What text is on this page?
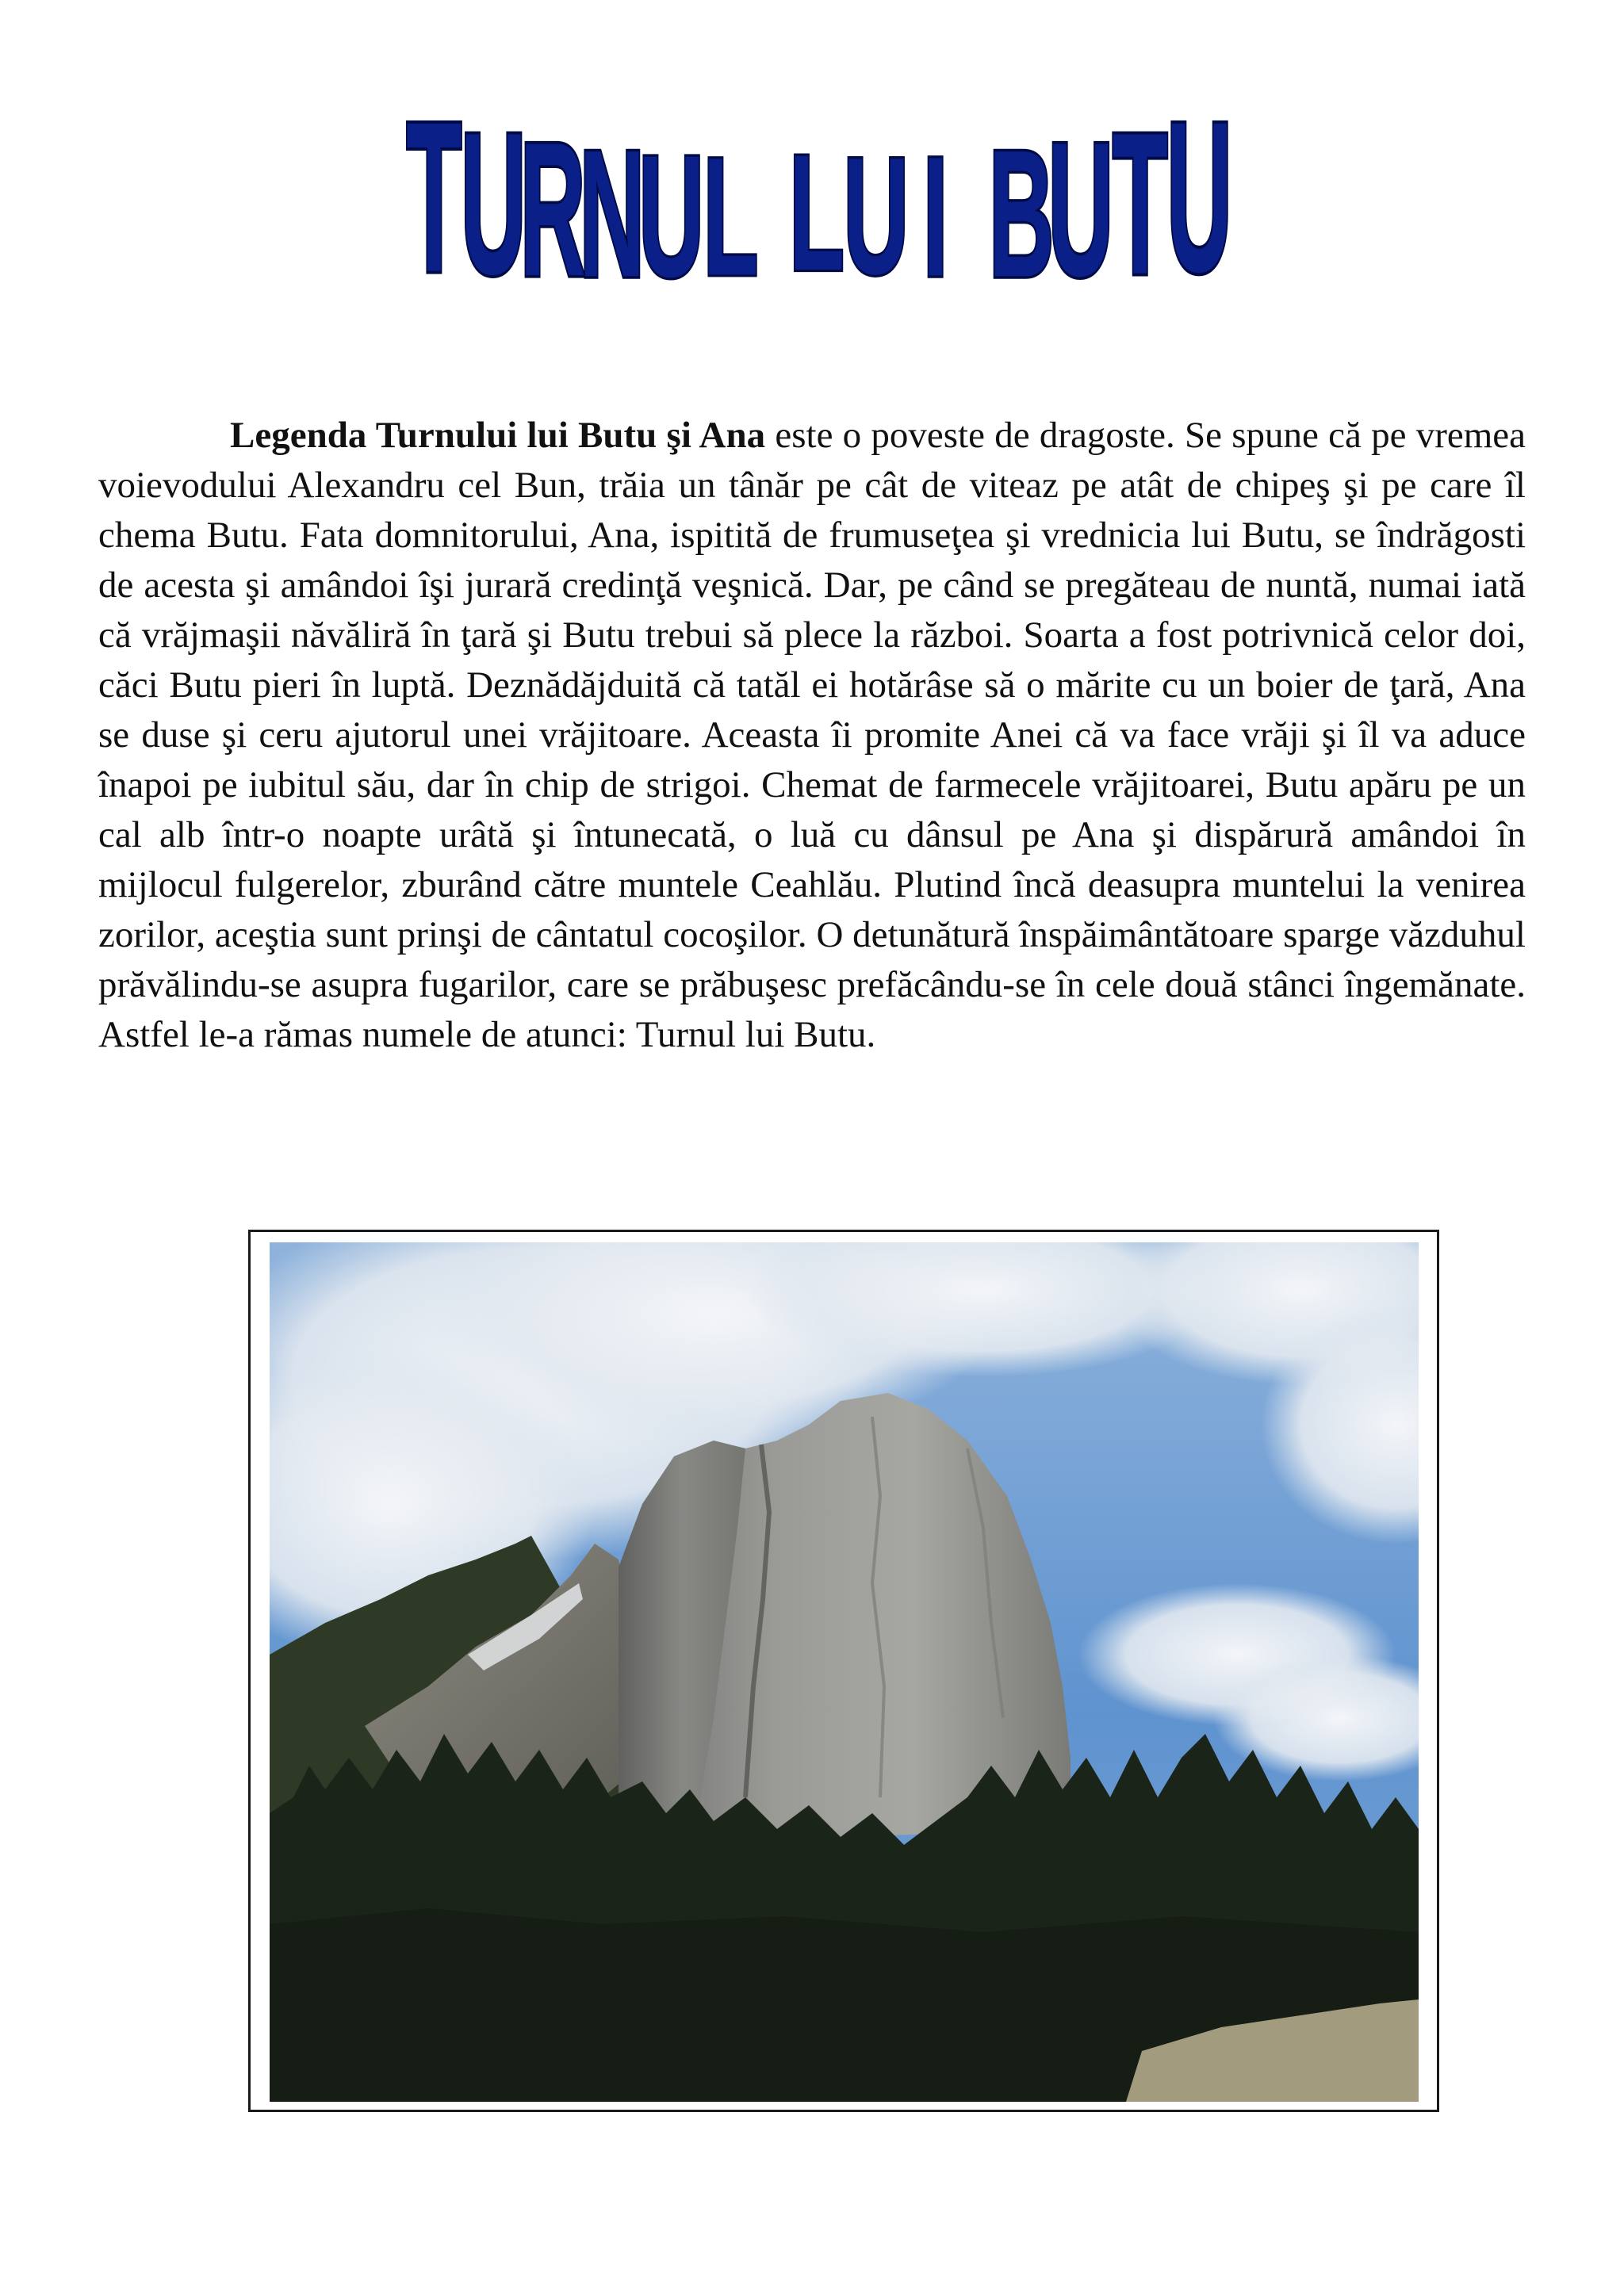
T
U
R
N
U
L L
U I B
U
T
U

Legenda Turnului lui Butu şi Ana este o poveste de dragoste. Se spune că pe vremea voievodului Alexandru cel Bun, trăia un tânăr pe cât de viteaz pe atât de chipeş şi pe care îl chema Butu. Fata domnitorului, Ana, ispitită de frumuseţea şi vrednicia lui Butu, se îndrăgosti de acesta şi amândoi îşi jurară credinţă veşnică. Dar, pe când se pregăteau de nuntă, numai iată că vrăjmaşii năvăliră în ţară şi Butu trebui să plece la război. Soarta a fost potrivnică celor doi, căci Butu pieri în luptă. Deznădăjduită că tatăl ei hotărâse să o mărite cu un boier de ţară, Ana se duse şi ceru ajutorul unei vrăjitoare. Aceasta îi promite Anei că va face vrăji şi îl va aduce înapoi pe iubitul său, dar în chip de strigoi. Chemat de farmecele vrăjitoarei, Butu apăru pe un cal alb într-o noapte urâtă şi întunecată, o luă cu dânsul pe Ana şi dispărură amândoi în mijlocul fulgerelor, zburând către muntele Ceahlău. Plutind încă deasupra muntelui la venirea zorilor, aceştia sunt prinşi de cântatul cocoşilor. O detunătură înspăimântătoare sparge văzduhul prăvălindu-se asupra fugarilor, care se prăbuşesc prefăcându-se în cele două stânci îngemănate. Astfel le-a rămas numele de atunci: Turnul lui Butu.
